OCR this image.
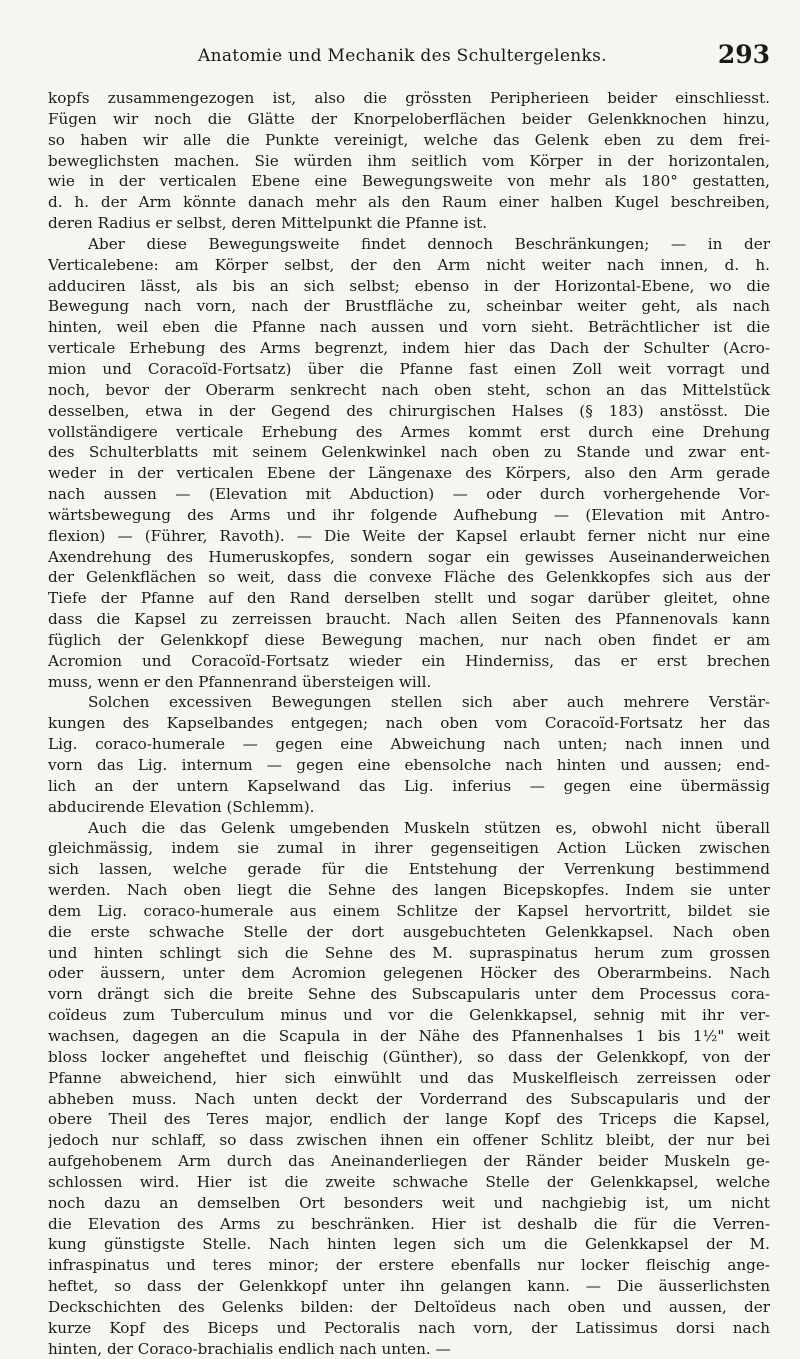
Anatomie und Mechanik des Schultergelenks.	293
kopfs zusammengezogen ist, also die grössten Peripherieen beider einschliesst.
Fügen wir noch die Glätte der Knorpeloberflächen beider Gelenkknochen hinzu,
so haben wir alle die Punkte vereinigt, welche das Gelenk eben zu dem frei-
beweglichsten machen. Sie würden ihm seitlich vom Körper in der horizontalen,
wie in der verticalen Ebene eine Bewegungsweite von mehr als 180° gestatten,
d. h. der Arm könnte danach mehr als den Raum einer halben Kugel beschreiben,
deren Radius er selbst, deren Mittelpunkt die Pfanne ist.
Aber diese Bewegungsweite findet dennoch Beschränkungen; — in der
Verticalebene: am Körper selbst, der den Arm nicht weiter nach innen, d. h.
adduciren lässt, als bis an sich selbst; ebenso in der Horizontal-Ebene, wo die
Bewegung nach vorn, nach der Brustfläche zu, scheinbar weiter geht, als nach
hinten, weil eben die Pfanne nach aussen und vorn sieht. Beträchtlicher ist die
verticale Erhebung des Arms begrenzt, indem hier das Dach der Schulter (Acro-
mion und Coracoïd-Fortsatz) über die Pfanne fast einen Zoll weit vorragt und
noch, bevor der Oberarm senkrecht nach oben steht, schon an das Mittelstück
desselben, etwa in der Gegend des chirurgischen Halses (§ 183) anstösst. Die
vollständigere verticale Erhebung des Armes kommt erst durch eine Drehung
des Schulterblatts mit seinem Gelenkwinkel nach oben zu Stande und zwar ent-
weder in der verticalen Ebene der Längenaxe des Körpers, also den Arm gerade
nach aussen — (Elevation mit Abduction) — oder durch vorhergehende Vor-
wärtsbewegung des Arms und ihr folgende Aufhebung — (Elevation mit Antro-
flexion) — (Führer, Ravoth). — Die Weite der Kapsel erlaubt ferner nicht nur eine
Axendrehung des Humeruskopfes, sondern sogar ein gewisses Auseinanderweichen
der Gelenkflächen so weit, dass die convexe Fläche des Gelenkkopfes sich aus der
Tiefe der Pfanne auf den Rand derselben stellt und sogar darüber gleitet, ohne
dass die Kapsel zu zerreissen braucht. Nach allen Seiten des Pfannenovals kann
füglich der Gelenkkopf diese Bewegung machen, nur nach oben findet er am
Acromion und Coracoïd-Fortsatz wieder ein Hinderniss, das er erst brechen
muss, wenn er den Pfannenrand übersteigen will.
Solchen excessiven Bewegungen stellen sich aber auch mehrere Verstär-
kungen des Kapselbandes entgegen; nach oben vom Coracoïd-Fortsatz her das
Lig. coraco-humerale — gegen eine Abweichung nach unten; nach innen und
vorn das Lig. internum — gegen eine ebensolche nach hinten und aussen; end-
lich an der untern Kapselwand das Lig. inferius — gegen eine übermässig
abducirende Elevation (Schlemm).
Auch die das Gelenk umgebenden Muskeln stützen es, obwohl nicht überall
gleichmässig, indem sie zumal in ihrer gegenseitigen Action Lücken zwischen
sich lassen, welche gerade für die Entstehung der Verrenkung bestimmend
werden. Nach oben liegt die Sehne des langen Bicepskopfes. Indem sie unter
dem Lig. coraco-humerale aus einem Schlitze der Kapsel hervortritt, bildet sie
die erste schwache Stelle der dort ausgebuchteten Gelenkkapsel. Nach oben
und hinten schlingt sich die Sehne des M. supraspinatus herum zum grossen
oder äussern, unter dem Acromion gelegenen Höcker des Oberarmbeins. Nach
vorn drängt sich die breite Sehne des Subscapularis unter dem Processus cora-
coïdeus zum Tuberculum minus und vor die Gelenkkapsel, sehnig mit ihr ver-
wachsen, dagegen an die Scapula in der Nähe des Pfannenhalses 1 bis 1½" weit
bloss locker angeheftet und fleischig (Günther), so dass der Gelenkkopf, von der
Pfanne abweichend, hier sich einwühlt und das Muskelfleisch zerreissen oder
abheben muss. Nach unten deckt der Vorderrand des Subscapularis und der
obere Theil des Teres major, endlich der lange Kopf des Triceps die Kapsel,
jedoch nur schlaff, so dass zwischen ihnen ein offener Schlitz bleibt, der nur bei
aufgehobenem Arm durch das Aneinanderliegen der Ränder beider Muskeln ge-
schlossen wird. Hier ist die zweite schwache Stelle der Gelenkkapsel, welche
noch dazu an demselben Ort besonders weit und nachgiebig ist, um nicht
die Elevation des Arms zu beschränken. Hier ist deshalb die für die Verren-
kung günstigste Stelle. Nach hinten legen sich um die Gelenkkapsel der M.
infraspinatus und teres minor; der erstere ebenfalls nur locker fleischig ange-
heftet, so dass der Gelenkkopf unter ihn gelangen kann. — Die äusserlichsten
Deckschichten des Gelenks bilden: der Deltoïdeus nach oben und aussen, der
kurze Kopf des Biceps und Pectoralis nach vorn, der Latissimus dorsi nach
hinten, der Coraco-brachialis endlich nach unten. —
